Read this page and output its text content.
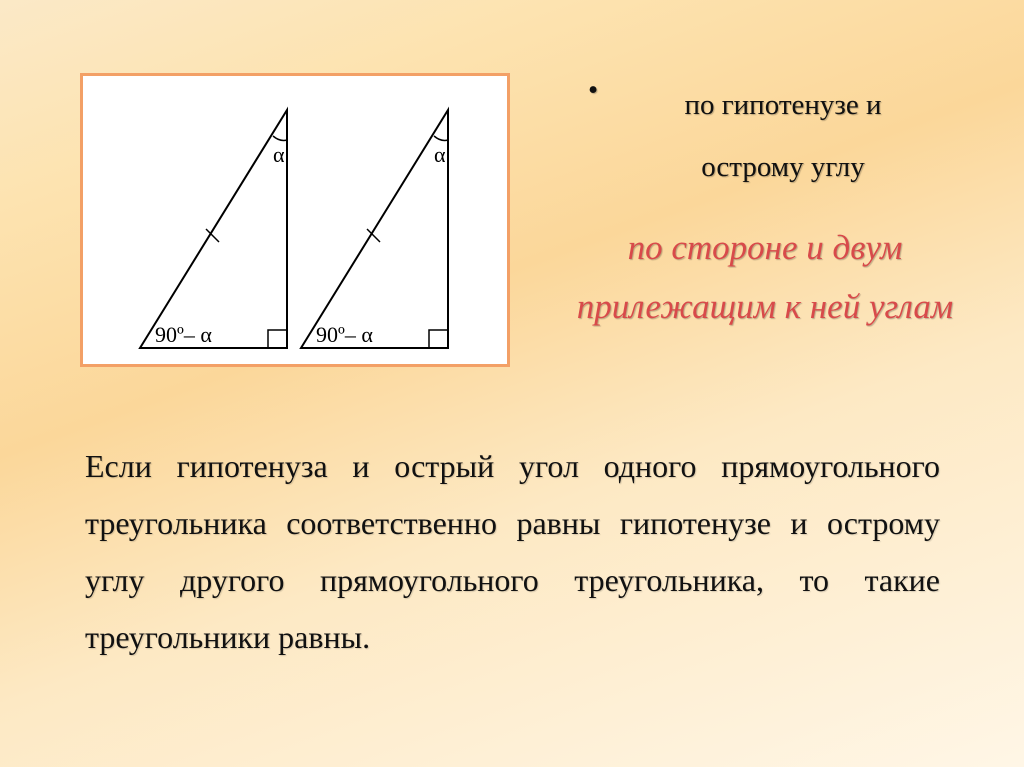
α
90º– α
α
90º– α
•	по гипотенузе и острому углу
по стороне и двум прилежащим к ней углам
Если гипотенуза и острый угол одного прямоугольного треугольника соответственно равны гипотенузе и острому углу другого прямоугольного треугольника, то такие треугольники равны.
